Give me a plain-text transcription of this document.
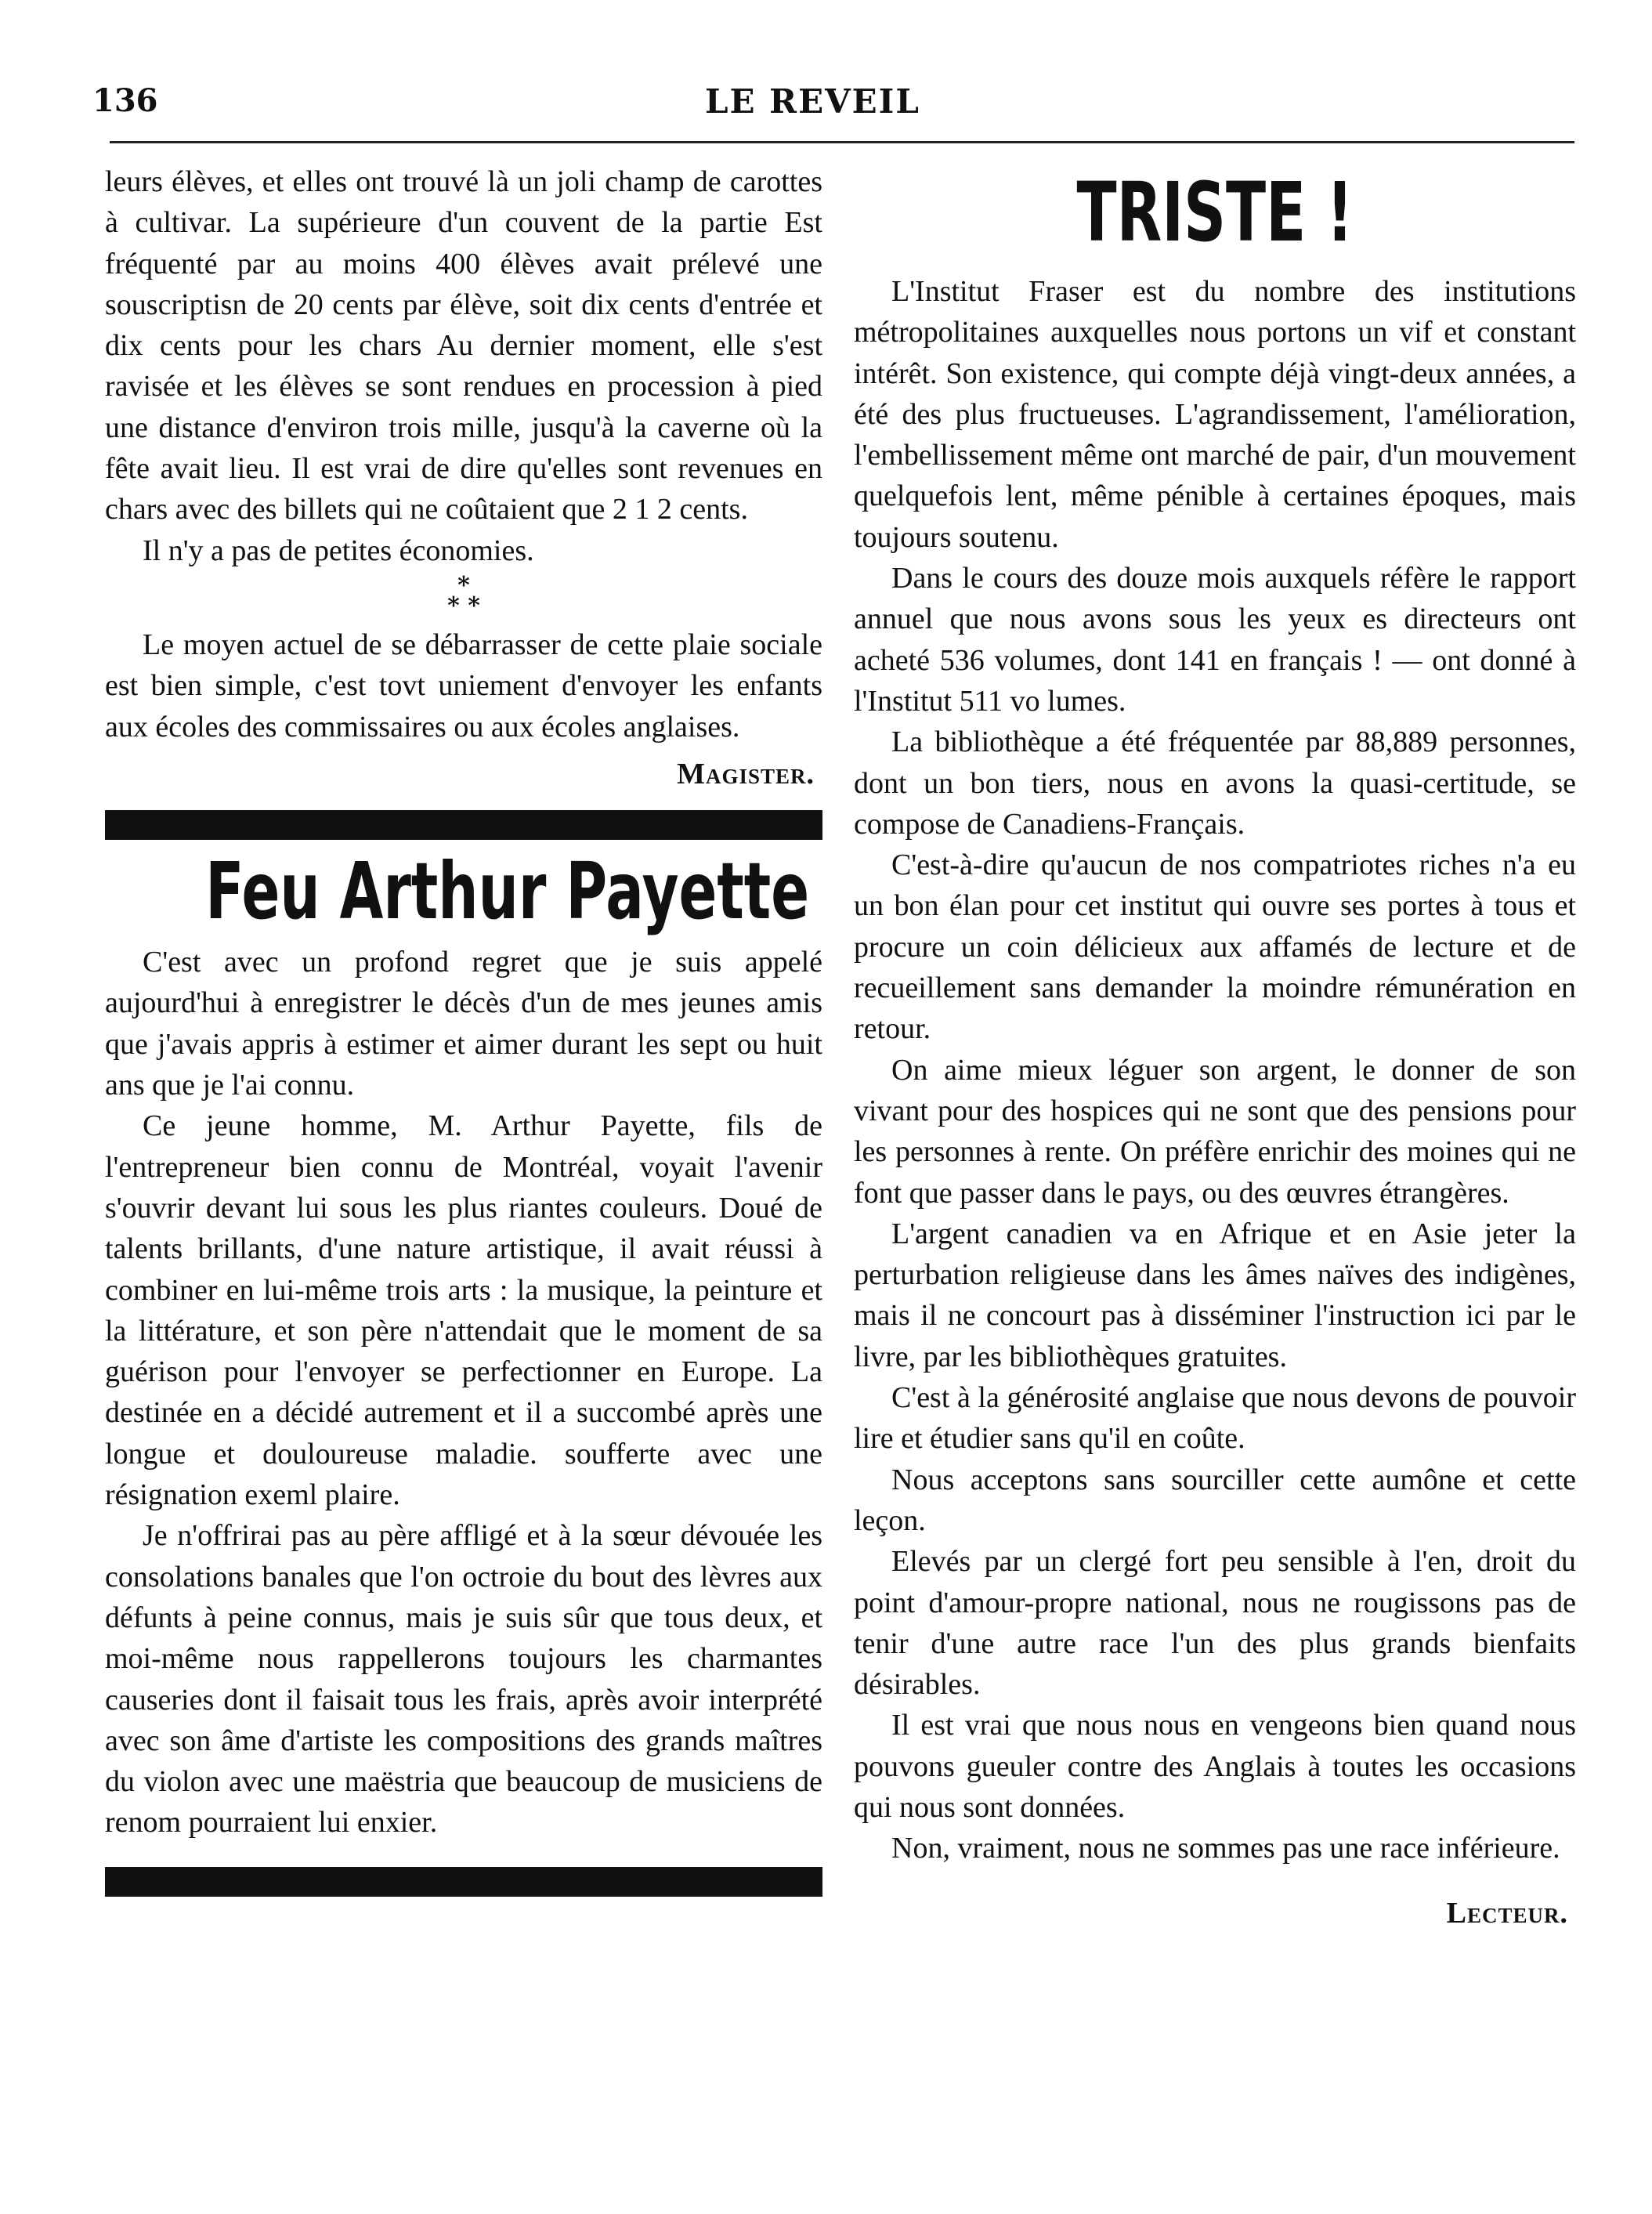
136	LE REVEIL

leurs élèves, et elles ont trouvé là un joli champ de carottes à cultivar. La supérieure d'un couvent de la partie Est fréquenté par au moins 400 élèves avait prélevé une souscriptisn de 20 cents par élève, soit dix cents d'entrée et dix cents pour les chars Au dernier moment, elle s'est ravisée et les élèves se sont rendues en procession à pied une distance d'environ trois mille, jusqu'à la caverne où la fête avait lieu. Il est vrai de dire qu'elles sont revenues en chars avec des billets qui ne coûtaient que 2 1 2 cents.

Il n'y a pas de petites économies.

*
* *

Le moyen actuel de se débarrasser de cette plaie sociale est bien simple, c'est tovt uniement d'envoyer les enfants aux écoles des commissaires ou aux écoles anglaises.

Magister.
Feu Arthur Payette

C'est avec un profond regret que je suis appelé aujourd'hui à enregistrer le décès d'un de mes jeunes amis que j'avais appris à estimer et aimer durant les sept ou huit ans que je l'ai connu.

Ce jeune homme, M. Arthur Payette, fils de l'entrepreneur bien connu de Montréal, voyait l'avenir s'ouvrir devant lui sous les plus riantes couleurs. Doué de talents brillants, d'une nature artistique, il avait réussi à combiner en lui-même trois arts : la musique, la peinture et la littérature, et son père n'attendait que le moment de sa guérison pour l'envoyer se perfectionner en Europe. La destinée en a décidé autrement et il a succombé après une longue et douloureuse maladie. soufferte avec une résignation exeml plaire.

Je n'offrirai pas au père affligé et à la sœur dévouée les consolations banales que l'on octroie du bout des lèvres aux défunts à peine connus, mais je suis sûr que tous deux, et moi-même nous rappellerons toujours les charmantes causeries dont il faisait tous les frais, après avoir interprété avec son âme d'artiste les compositions des grands maîtres du violon avec une maëstria que beaucoup de musiciens de renom pourraient lui enxier.

TRISTE !

L'Institut Fraser est du nombre des institutions métropolitaines auxquelles nous portons un vif et constant intérêt. Son existence, qui compte déjà vingt-deux années, a été des plus fructueuses. L'agrandissement, l'amélioration, l'embellissement même ont marché de pair, d'un mouvement quelquefois lent, même pénible à certaines époques, mais toujours soutenu.

Dans le cours des douze mois auxquels réfère le rapport annuel que nous avons sous les yeux es directeurs ont acheté 536 volumes, dont 141 en français ! — ont donné à l'Institut 511 vo lumes.

La bibliothèque a été fréquentée par 88,889 personnes, dont un bon tiers, nous en avons la quasi-certitude, se compose de Canadiens-Français.

C'est-à-dire qu'aucun de nos compatriotes riches n'a eu un bon élan pour cet institut qui ouvre ses portes à tous et procure un coin délicieux aux affamés de lecture et de recueillement sans demander la moindre rémunération en retour.

On aime mieux léguer son argent, le donner de son vivant pour des hospices qui ne sont que des pensions pour les personnes à rente. On préfère enrichir des moines qui ne font que passer dans le pays, ou des œuvres étrangères.

L'argent canadien va en Afrique et en Asie jeter la perturbation religieuse dans les âmes naïves des indigènes, mais il ne concourt pas à disséminer l'instruction ici par le livre, par les bibliothèques gratuites.

C'est à la générosité anglaise que nous devons de pouvoir lire et étudier sans qu'il en coûte.

Nous acceptons sans sourciller cette aumône et cette leçon.

Elevés par un clergé fort peu sensible à l'en, droit du point d'amour-propre national, nous ne rougissons pas de tenir d'une autre race l'un des plus grands bienfaits désirables.

Il est vrai que nous nous en vengeons bien quand nous pouvons gueuler contre des Anglais à toutes les occasions qui nous sont données.

Non, vraiment, nous ne sommes pas une race inférieure.

Lecteur.
